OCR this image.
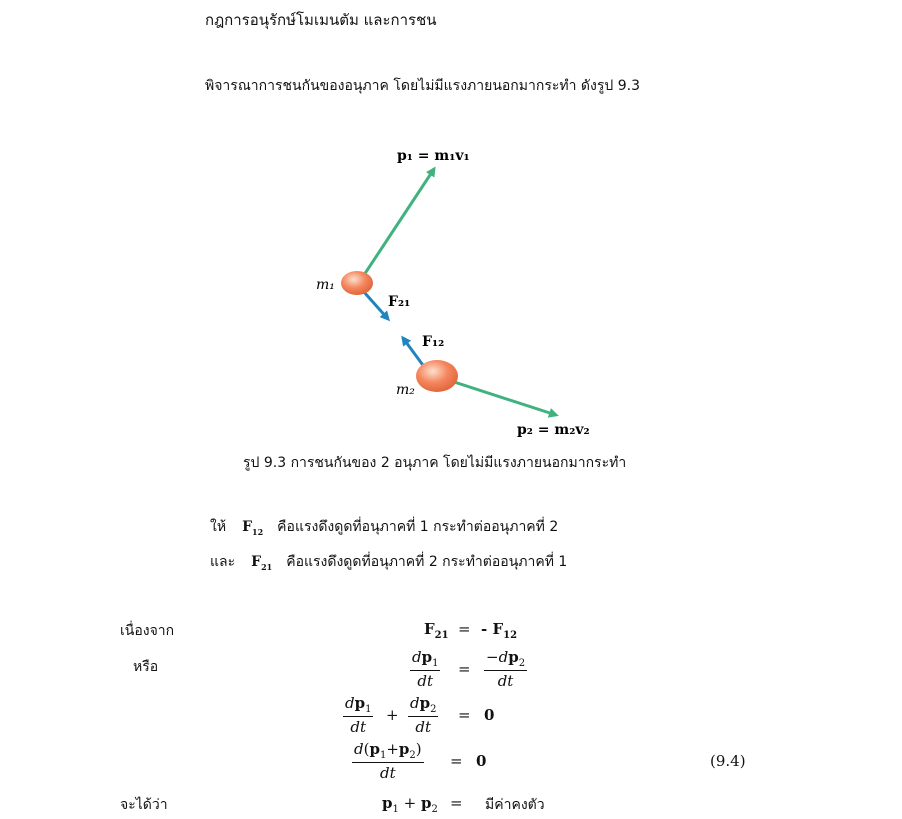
กฎการอนุรักษ์โมเมนตัม และการชน
พิจารณาการชนกันของอนุภาค โดยไม่มีแรงภายนอกมากระทำ ดังรูป 9.3
p₁ = m₁v₁
m₁
F₂₁
F₁₂
m₂
p₂ = m₂v₂
รูป 9.3 การชนกันของ 2 อนุภาค โดยไม่มีแรงภายนอกมากระทำ
ให้ $F_{12}$ คือแรงดึงดูดที่อนุภาคที่ 1 กระทำต่ออนุภาคที่ 2
และ $F_{21}$ คือแรงดึงดูดที่อนุภาคที่ 2 กระทำต่ออนุภาคที่ 1
เนื่องจาก
หรือ
จะได้ว่า
$F_{21}$ = - $F_{12}$
$\frac{dp_1}{dt} = \frac{-dp_2}{dt}$
$\frac{dp_1}{dt} + \frac{dp_2}{dt} = 0$
$\frac{d(p_1+p_2)}{dt} = 0$	(9.4)
$p_1 + p_2$ = มีค่าคงตัว
